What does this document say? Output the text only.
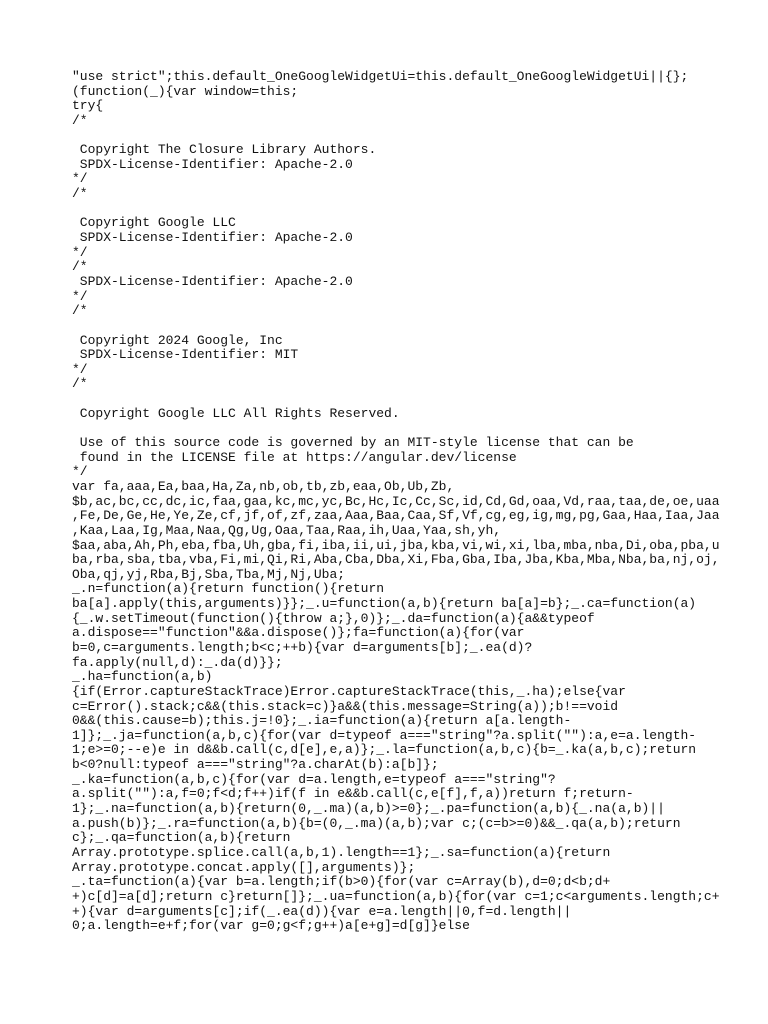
"use strict";this.default_OneGoogleWidgetUi=this.default_OneGoogleWidgetUi||{};
(function(_){var window=this;
try{
/*
Copyright The Closure Library Authors.
SPDX-License-Identifier: Apache-2.0
*/
/*
Copyright Google LLC
SPDX-License-Identifier: Apache-2.0
*/
/*
SPDX-License-Identifier: Apache-2.0
*/
/*
Copyright 2024 Google, Inc
SPDX-License-Identifier: MIT
*/
/*
Copyright Google LLC All Rights Reserved.
Use of this source code is governed by an MIT-style license that can be
found in the LICENSE file at https://angular.dev/license
*/
var fa,aaa,Ea,baa,Ha,Za,nb,ob,tb,zb,eaa,Ob,Ub,Zb,
$b,ac,bc,cc,dc,ic,faa,gaa,kc,mc,yc,Bc,Hc,Ic,Cc,Sc,id,Cd,Gd,oaa,Vd,raa,taa,de,oe,uaa
,Fe,De,Ge,He,Ye,Ze,cf,jf,of,zf,zaa,Aaa,Baa,Caa,Sf,Vf,cg,eg,ig,mg,pg,Gaa,Haa,Iaa,Jaa
,Kaa,Laa,Ig,Maa,Naa,Qg,Ug,Oaa,Taa,Raa,ih,Uaa,Yaa,sh,yh,
$aa,aba,Ah,Ph,eba,fba,Uh,gba,fi,iba,ii,ui,jba,kba,vi,wi,xi,lba,mba,nba,Di,oba,pba,u
ba,rba,sba,tba,vba,Fi,mi,Qi,Ri,Aba,Cba,Dba,Xi,Fba,Gba,Iba,Jba,Kba,Mba,Nba,ba,nj,oj,
Oba,qj,yj,Rba,Bj,Sba,Tba,Mj,Nj,Uba;
_.n=function(a){return function(){return
ba[a].apply(this,arguments)}};_.u=function(a,b){return ba[a]=b};_.ca=function(a)
{_.w.setTimeout(function(){throw a;},0)};_.da=function(a){a&&typeof
a.dispose=="function"&&a.dispose()};fa=function(a){for(var
b=0,c=arguments.length;b<c;++b){var d=arguments[b];_.ea(d)?
fa.apply(null,d):_.da(d)}};
_.ha=function(a,b)
{if(Error.captureStackTrace)Error.captureStackTrace(this,_.ha);else{var
c=Error().stack;c&&(this.stack=c)}a&&(this.message=String(a));b!==void
0&&(this.cause=b);this.j=!0};_.ia=function(a){return a[a.length-
1]};_.ja=function(a,b,c){for(var d=typeof a==="string"?a.split(""):a,e=a.length-
1;e>=0;--e)e in d&&b.call(c,d[e],e,a)};_.la=function(a,b,c){b=_.ka(a,b,c);return
b<0?null:typeof a==="string"?a.charAt(b):a[b]};
_.ka=function(a,b,c){for(var d=a.length,e=typeof a==="string"?
a.split(""):a,f=0;f<d;f++)if(f in e&&b.call(c,e[f],f,a))return f;return-
1};_.na=function(a,b){return(0,_.ma)(a,b)>=0};_.pa=function(a,b){_.na(a,b)||
a.push(b)};_.ra=function(a,b){b=(0,_.ma)(a,b);var c;(c=b>=0)&&_.qa(a,b);return
c};_.qa=function(a,b){return
Array.prototype.splice.call(a,b,1).length==1};_.sa=function(a){return
Array.prototype.concat.apply([],arguments)};
_.ta=function(a){var b=a.length;if(b>0){for(var c=Array(b),d=0;d<b;d+
+)c[d]=a[d];return c}return[]};_.ua=function(a,b){for(var c=1;c<arguments.length;c+
+){var d=arguments[c];if(_.ea(d)){var e=a.length||0,f=d.length||
0;a.length=e+f;for(var g=0;g<f;g++)a[e+g]=d[g]}else
